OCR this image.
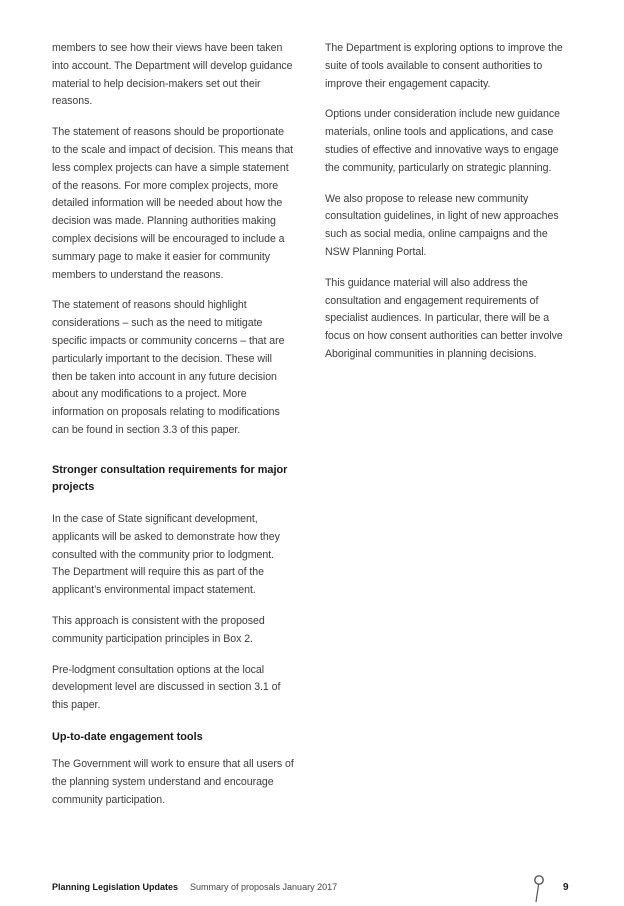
members to see how their views have been taken into account. The Department will develop guidance material to help decision-makers set out their reasons.

The statement of reasons should be proportionate to the scale and impact of decision. This means that less complex projects can have a simple statement of the reasons. For more complex projects, more detailed information will be needed about how the decision was made. Planning authorities making complex decisions will be encouraged to include a summary page to make it easier for community members to understand the reasons.

The statement of reasons should highlight considerations – such as the need to mitigate specific impacts or community concerns – that are particularly important to the decision. These will then be taken into account in any future decision about any modifications to a project. More information on proposals relating to modifications can be found in section 3.3 of this paper.

Stronger consultation requirements for major projects

In the case of State significant development, applicants will be asked to demonstrate how they consulted with the community prior to lodgment. The Department will require this as part of the applicant’s environmental impact statement.

This approach is consistent with the proposed community participation principles in Box 2.

Pre-lodgment consultation options at the local development level are discussed in section 3.1 of this paper.

Up-to-date engagement tools

The Government will work to ensure that all users of the planning system understand and encourage community participation.

The Department is exploring options to improve the suite of tools available to consent authorities to improve their engagement capacity.

Options under consideration include new guidance materials, online tools and applications, and case studies of effective and innovative ways to engage the community, particularly on strategic planning.

We also propose to release new community consultation guidelines, in light of new approaches such as social media, online campaigns and the NSW Planning Portal.

This guidance material will also address the consultation and engagement requirements of specialist audiences. In particular, there will be a focus on how consent authorities can better involve Aboriginal communities in planning decisions.

Planning Legislation Updates Summary of proposals January 2017	9
